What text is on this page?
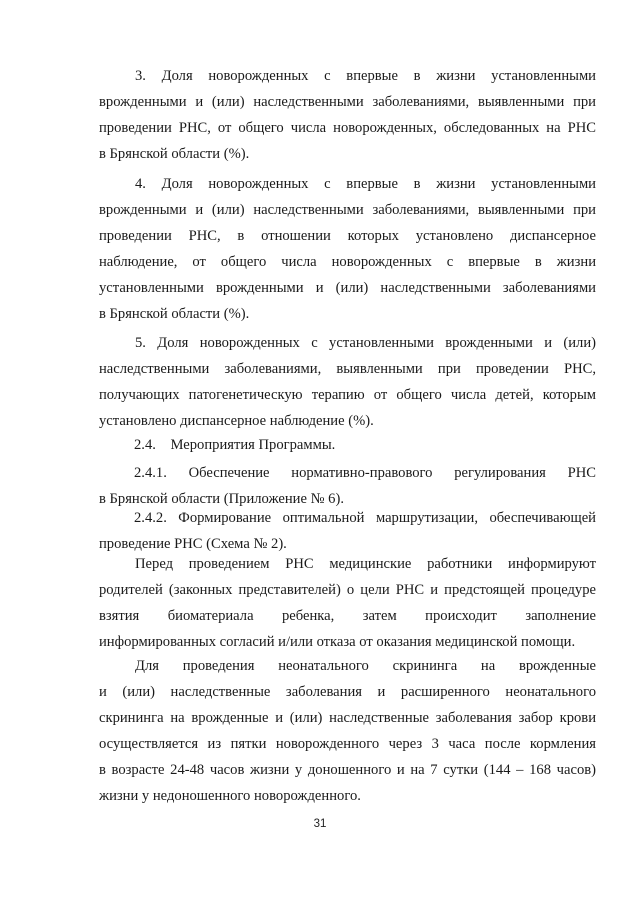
3. Доля новорожденных с впервые в жизни установленными
врожденными и (или) наследственными заболеваниями, выявленными при
проведении РНС, от общего числа новорожденных, обследованных на РНС
в Брянской области (%).
4. Доля новорожденных с впервые в жизни установленными
врожденными и (или) наследственными заболеваниями, выявленными при
проведении РНС, в отношении которых установлено диспансерное
наблюдение, от общего числа новорожденных с впервые в жизни
установленными врожденными и (или) наследственными заболеваниями
в Брянской области (%).
5. Доля новорожденных с установленными врожденными и (или)
наследственными заболеваниями, выявленными при проведении РНС,
получающих патогенетическую терапию от общего числа детей, которым
установлено диспансерное наблюдение (%).
2.4.    Мероприятия Программы.
2.4.1. Обеспечение нормативно-правового регулирования РНС
в Брянской области (Приложение № 6).
2.4.2. Формирование оптимальной маршрутизации, обеспечивающей
проведение РНС (Схема № 2).
Перед проведением РНС медицинские работники информируют
родителей (законных представителей) о цели РНС и предстоящей процедуре
взятия биоматериала ребенка, затем происходит заполнение
информированных согласий и/или отказа от оказания медицинской помощи.
Для проведения неонатального скрининга на врожденные
и (или) наследственные заболевания и расширенного неонатального
скрининга на врожденные и (или) наследственные заболевания забор крови
осуществляется из пятки новорожденного через 3 часа после кормления
в возрасте 24-48 часов жизни у доношенного и на 7 сутки (144 – 168 часов)
жизни у недоношенного новорожденного.
31
